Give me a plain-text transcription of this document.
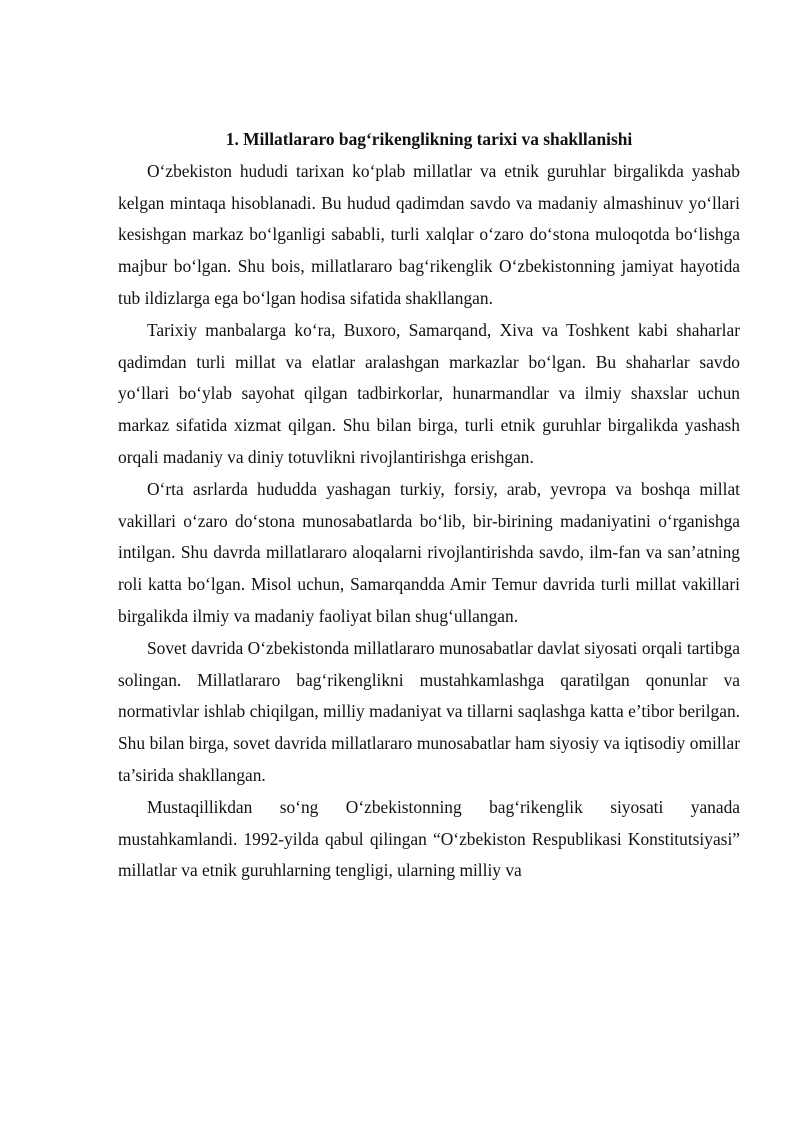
1. Millatlararo bag‘rikenglikning tarixi va shakllanishi

O‘zbekiston hududi tarixan ko‘plab millatlar va etnik guruhlar birgalikda yashab kelgan mintaqa hisoblanadi. Bu hudud qadimdan savdo va madaniy almashinuv yo‘llari kesishgan markaz bo‘lganligi sababli, turli xalqlar o‘zaro do‘stona muloqotda bo‘lishga majbur bo‘lgan. Shu bois, millatlararo bag‘rikenglik O‘zbekistonning jamiyat hayotida tub ildizlarga ega bo‘lgan hodisa sifatida shakllangan.

Tarixiy manbalarga ko‘ra, Buxoro, Samarqand, Xiva va Toshkent kabi shaharlar qadimdan turli millat va elatlar aralashgan markazlar bo‘lgan. Bu shaharlar savdo yo‘llari bo‘ylab sayohat qilgan tadbirkorlar, hunarmandlar va ilmiy shaxslar uchun markaz sifatida xizmat qilgan. Shu bilan birga, turli etnik guruhlar birgalikda yashash orqali madaniy va diniy totuvlikni rivojlantirishga erishgan.

O‘rta asrlarda hududda yashagan turkiy, forsiy, arab, yevropa va boshqa millat vakillari o‘zaro do‘stona munosabatlarda bo‘lib, bir-birining madaniyatini o‘rganishga intilgan. Shu davrda millatlararo aloqalarni rivojlantirishda savdo, ilm-fan va san’atning roli katta bo‘lgan. Misol uchun, Samarqandda Amir Temur davrida turli millat vakillari birgalikda ilmiy va madaniy faoliyat bilan shug‘ullangan.

Sovet davrida O‘zbekistonda millatlararo munosabatlar davlat siyosati orqali tartibga solingan. Millatlararo bag‘rikenglikni mustahkamlashga qaratilgan qonunlar va normativlar ishlab chiqilgan, milliy madaniyat va tillarni saqlashga katta e’tibor berilgan. Shu bilan birga, sovet davrida millatlararo munosabatlar ham siyosiy va iqtisodiy omillar ta’sirida shakllangan.

Mustaqillikdan so‘ng O‘zbekistonning bag‘rikenglik siyosati yanada mustahkamlandi. 1992-yilda qabul qilingan “O‘zbekiston Respublikasi Konstitutsiyasi” millatlar va etnik guruhlarning tengligi, ularning milliy va
